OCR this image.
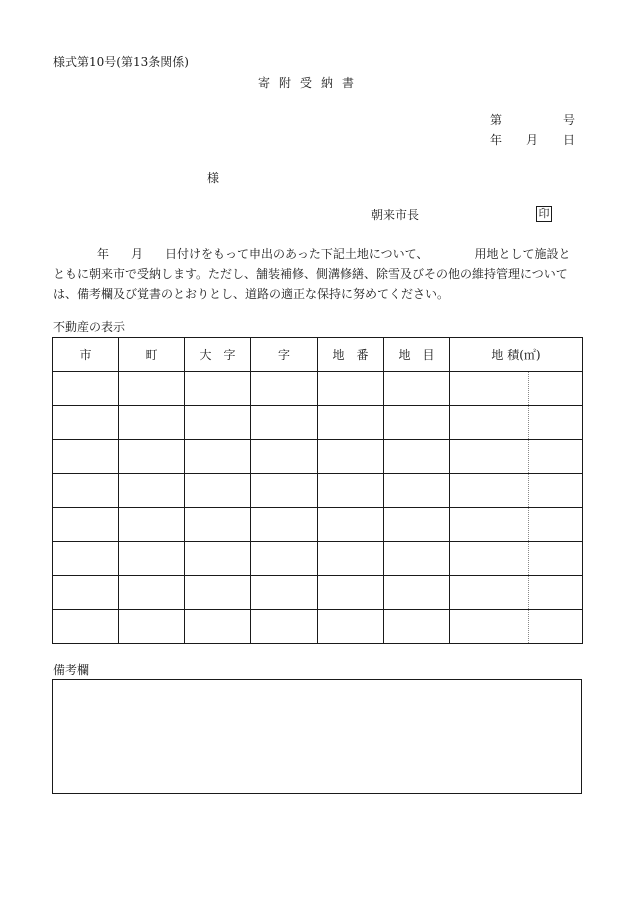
様式第10号(第13条関係)
寄附受納書
第	号
年 月 日
様
朝来市長	印
年 月 日付けをもって申出のあった下記土地について、	用地として施設とともに朝来市で受納します。ただし、舗装補修、側溝修繕、除雪及びその他の維持管理については、備考欄及び覚書のとおりとし、道路の適正な保持に努めてください。
不動産の表示
市	町	大　字	字	地　番	地　目	地 積(㎡)

備考欄
